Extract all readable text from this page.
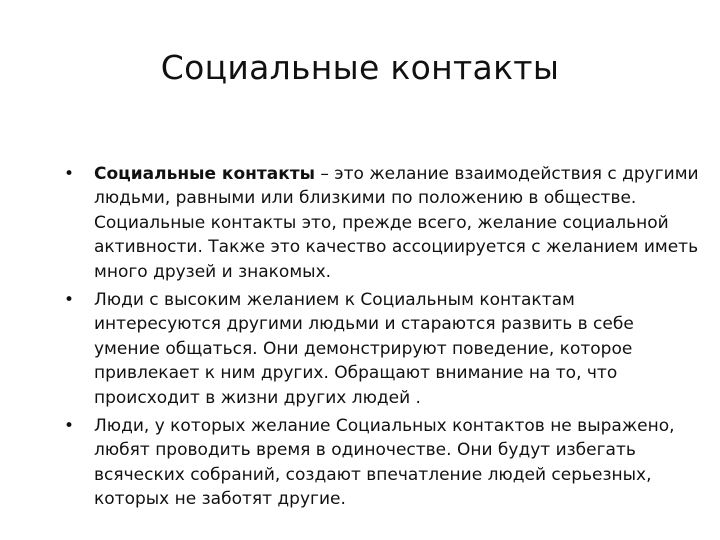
Социальные контакты
• Социальные контакты – это желание взаимодействия с другими людьми, равными или близкими по положению в обществе. Социальные контакты это, прежде всего, желание социальной активности. Также это качество ассоциируется с желанием иметь много друзей и знакомых.
• Люди с высоким желанием к Социальным контактам интересуются другими людьми и стараются развить в себе умение общаться. Они демонстрируют поведение, которое привлекает к ним других. Обращают внимание на то, что происходит в жизни других людей .
• Люди, у которых желание Социальных контактов не выражено, любят проводить время в одиночестве. Они будут избегать всяческих собраний, создают впечатление людей серьезных, которых не заботят другие.
